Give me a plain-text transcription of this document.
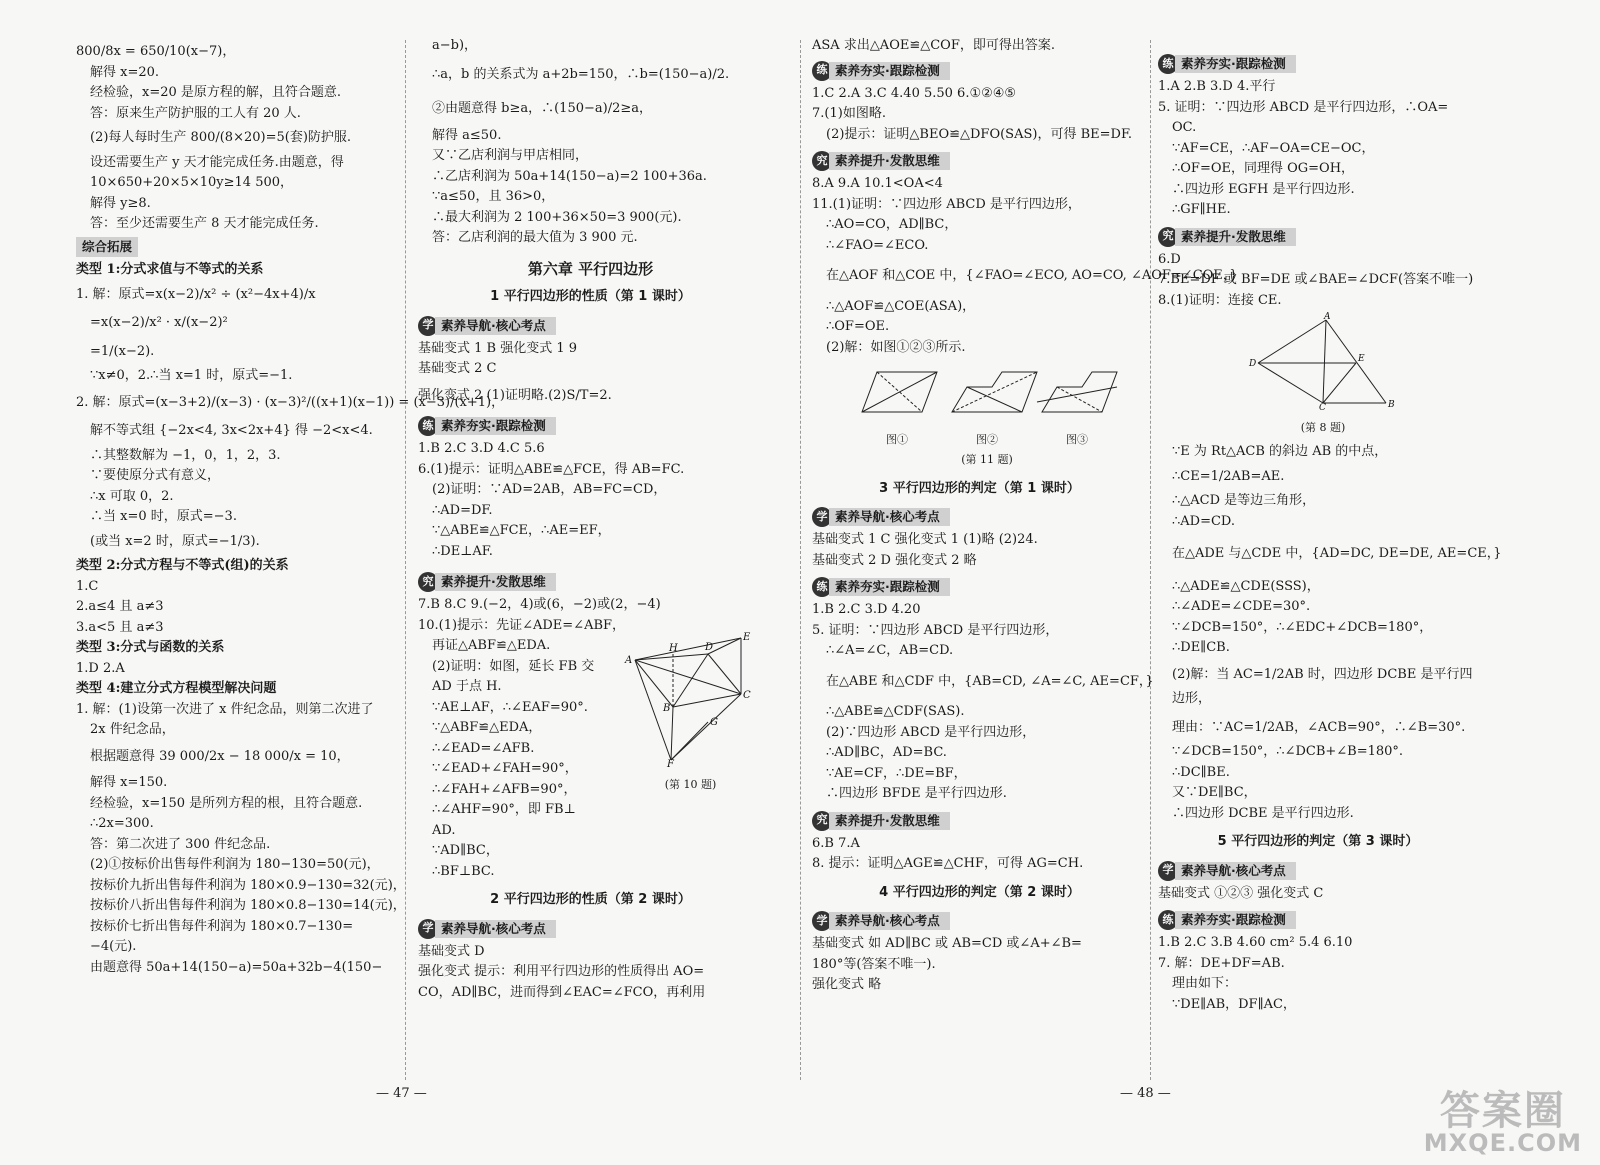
800/8x = 650/10(x−7)，
解得 x=20.
经检验，x=20 是原方程的解，且符合题意.
答：原来生产防护服的工人有 20 人.
(2)每人每时生产 800/(8×20)=5(套)防护服.
设还需要生产 y 天才能完成任务.由题意，得
10×650+20×5×10y≥14 500，
解得 y≥8.
答：至少还需要生产 8 天才能完成任务.
综合拓展
类型 1:分式求值与不等式的关系
1. 解：原式=x(x−2)/x² ÷ (x²−4x+4)/x
=x(x−2)/x² · x/(x−2)²
=1/(x−2).
∵x≠0，2.∴当 x=1 时，原式=−1.
2. 解：原式=(x−3+2)/(x−3) · (x−3)²/((x+1)(x−1)) = (x−3)/(x+1)，
解不等式组 {−2x<4, 3x<2x+4} 得 −2<x<4.
∴其整数解为 −1，0，1，2，3.
∵要使原分式有意义，
∴x 可取 0，2.
∴当 x=0 时，原式=−3.
(或当 x=2 时，原式=−1/3).
类型 2:分式方程与不等式(组)的关系
1.C
2.a≤4 且 a≠3
3.a<5 且 a≠3
类型 3:分式与函数的关系
1.D 2.A
类型 4:建立分式方程模型解决问题
1. 解：(1)设第一次进了 x 件纪念品，则第二次进了
2x 件纪念品，
根据题意得 39 000/2x − 18 000/x = 10，
解得 x=150.
经检验，x=150 是所列方程的根，且符合题意.
∴2x=300.
答：第二次进了 300 件纪念品.
(2)①按标价出售每件利润为 180−130=50(元)，
按标价九折出售每件利润为 180×0.9−130=32(元)，
按标价八折出售每件利润为 180×0.8−130=14(元)，
按标价七折出售每件利润为 180×0.7−130=
−4(元).
由题意得 50a+14(150−a)=50a+32b−4(150−
a−b)，
∴a，b 的关系式为 a+2b=150，∴b=(150−a)/2.
②由题意得 b≥a，∴(150−a)/2≥a，
解得 a≤50.
又∵乙店利润与甲店相同，
∴乙店利润为 50a+14(150−a)=2 100+36a.
∵a≤50，且 36>0，
∴最大利润为 2 100+36×50=3 900(元).
答：乙店利润的最大值为 3 900 元.
第六章 平行四边形
1 平行四边形的性质（第 1 课时）
学 素养导航·核心考点
基础变式 1 B 强化变式 1 9
基础变式 2 C
强化变式 2 (1)证明略.(2)S/T=2.
练 素养夯实·跟踪检测
1.B 2.C 3.D 4.C 5.6
6.(1)提示：证明△ABE≌△FCE，得 AB=FC.
(2)证明：∵AD=2AB，AB=FC=CD，
∴AD=DF.
∵△ABE≌△FCE，∴AE=EF，
∴DE⊥AF.
究 素养提升·发散思维
7.B 8.C 9.(−2，4)或(6，−2)或(2，−4)
10.(1)提示：先证∠ADE=∠ABF，
再证△ABF≌△EDA.
(2)证明：如图，延长 FB 交
AD 于点 H.
∵AE⊥AF，∴∠EAF=90°.
∵△ABF≌△EDA，
∴∠EAD=∠AFB.
∵∠EAD+∠FAH=90°，
∴∠FAH+∠AFB=90°，
∴∠AHF=90°，即 FB⊥
AD.
∵AD∥BC，
∴BF⊥BC.
A
H	D
E
B
C
G
F
(第 10 题)
2 平行四边形的性质（第 2 课时）
学 素养导航·核心考点
基础变式 D
强化变式 提示：利用平行四边形的性质得出 AO=
CO，AD∥BC，进而得到∠EAC=∠FCO，再利用
ASA 求出△AOE≌△COF，即可得出答案.
练 素养夯实·跟踪检测
1.C 2.A 3.C 4.40 5.50 6.①②④⑤
7.(1)如图略.
(2)提示：证明△BEO≌△DFO(SAS)，可得 BE=DF.
究 素养提升·发散思维
8.A 9.A 10.1<OA<4
11.(1)证明：∵四边形 ABCD 是平行四边形，
∴AO=CO，AD∥BC，
∴∠FAO=∠ECO.
在△AOF 和△COE 中，{∠FAO=∠ECO, AO=CO, ∠AOF=∠COE，}
∴△AOF≌△COE(ASA)，
∴OF=OE.
(2)解：如图①②③所示.
图①	图②	图③
(第 11 题)
3 平行四边形的判定（第 1 课时）
学 素养导航·核心考点
基础变式 1 C 强化变式 1 (1)略 (2)24.
基础变式 2 D 强化变式 2 略
练 素养夯实·跟踪检测
1.B 2.C 3.D 4.20
5. 证明：∵四边形 ABCD 是平行四边形，
∴∠A=∠C，AB=CD.
在△ABE 和△CDF 中，{AB=CD, ∠A=∠C, AE=CF，}
∴△ABE≌△CDF(SAS).
(2)∵四边形 ABCD 是平行四边形，
∴AD∥BC，AD=BC.
∵AE=CF，∴DE=BF，
∴四边形 BFDE 是平行四边形.
究 素养提升·发散思维
6.B 7.A
8. 提示：证明△AGE≌△CHF，可得 AG=CH.
4 平行四边形的判定（第 2 课时）
学 素养导航·核心考点
基础变式 如 AD∥BC 或 AB=CD 或∠A+∠B=
180°等(答案不唯一).
强化变式 略
练 素养夯实·跟踪检测
1.A 2.B 3.D 4.平行
5. 证明：∵四边形 ABCD 是平行四边形，∴OA=
OC.
∵AF=CE，∴AF−OA=CE−OC，
∴OF=OE，同理得 OG=OH，
∴四边形 EGFH 是平行四边形.
∴GF∥HE.
究 素养提升·发散思维
6.D
7.BE=DF 或 BF=DE 或∠BAE=∠DCF(答案不唯一)
8.(1)证明：连接 CE.
A
D	E
C	B
(第 8 题)
∵E 为 Rt△ACB 的斜边 AB 的中点，
∴CE=1/2AB=AE.
∴△ACD 是等边三角形，
∴AD=CD.
在△ADE 与△CDE 中，{AD=DC, DE=DE, AE=CE，}
∴△ADE≌△CDE(SSS)，
∴∠ADE=∠CDE=30°.
∵∠DCB=150°，∴∠EDC+∠DCB=180°，
∴DE∥CB.
(2)解：当 AC=1/2AB 时，四边形 DCBE 是平行四
边形，
理由：∵AC=1/2AB，∠ACB=90°，∴∠B=30°.
∵∠DCB=150°，∴∠DCB+∠B=180°.
∴DC∥BE.
又∵DE∥BC，
∴四边形 DCBE 是平行四边形.
5 平行四边形的判定（第 3 课时）
学 素养导航·核心考点
基础变式 ①②③ 强化变式 C
练 素养夯实·跟踪检测
1.B 2.C 3.B 4.60 cm² 5.4 6.10
7. 解：DE+DF=AB.
理由如下：
∵DE∥AB，DF∥AC，
— 47 —	— 48 —	答案圈
MXQE.COM
